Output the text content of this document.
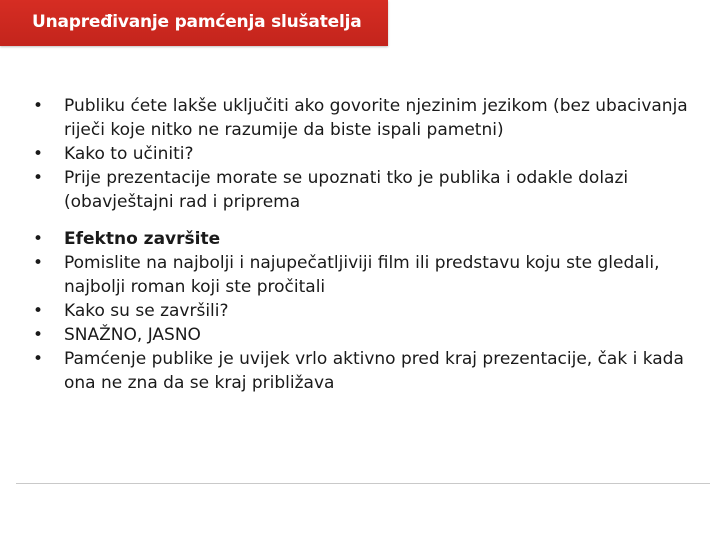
Unapređivanje pamćenja slušatelja
• Publiku ćete lakše uključiti ako govorite njezinim jezikom (bez ubacivanja riječi koje nitko ne razumije da biste ispali pametni)
• Kako to učiniti?
• Prije prezentacije morate se upoznati tko je publika i odakle dolazi (obavještajni rad i priprema
• Efektno završite
• Pomislite na najbolji i najupečatljiviji film ili predstavu koju ste gledali, najbolji roman koji ste pročitali
• Kako su se završili?
• SNAŽNO, JASNO
• Pamćenje publike je uvijek vrlo aktivno pred kraj prezentacije, čak i kada ona ne zna da se kraj približava
